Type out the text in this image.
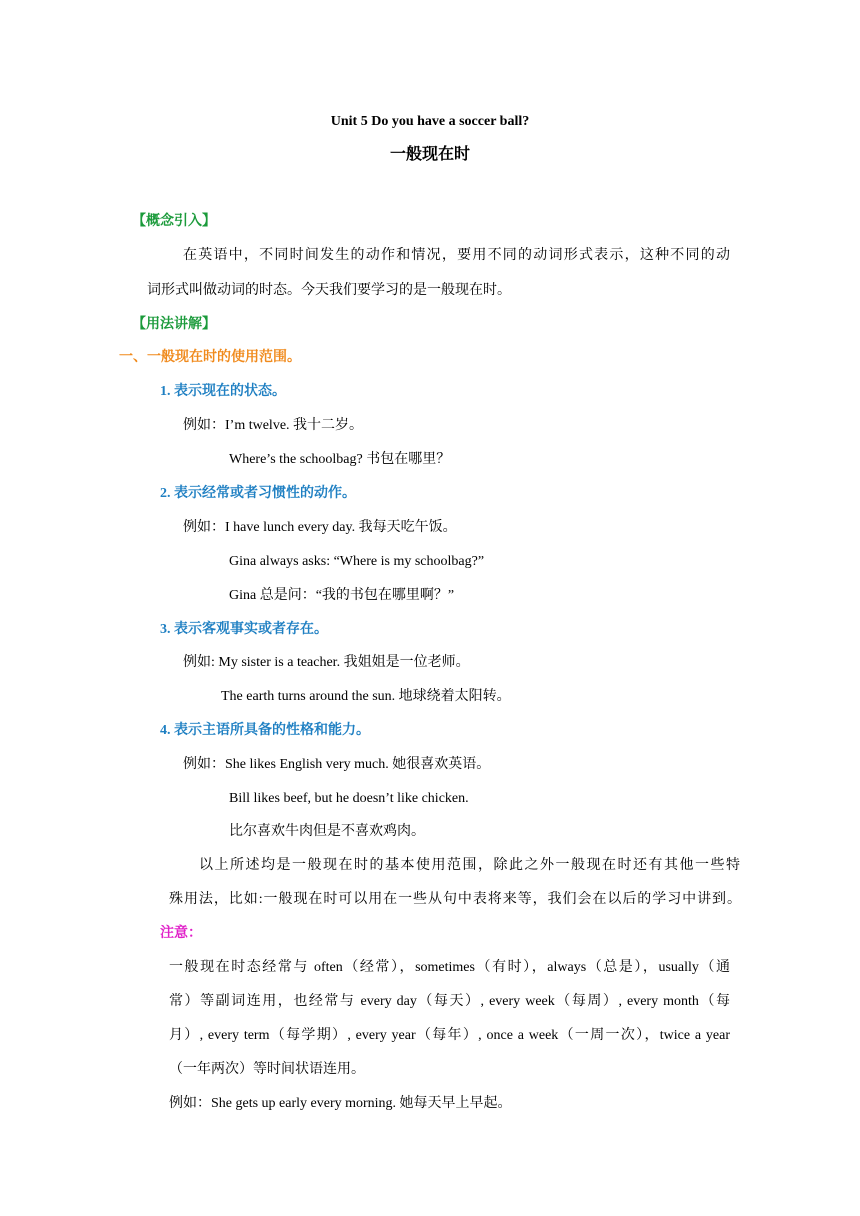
Unit 5 Do you have a soccer ball?
一般现在时
【概念引入】
在英语中，不同时间发生的动作和情况，要用不同的动词形式表示，这种不同的动
词形式叫做动词的时态。今天我们要学习的是一般现在时。
【用法讲解】
一、一般现在时的使用范围。
1. 表示现在的状态。
例如：I’m twelve. 我十二岁。
Where’s the schoolbag? 书包在哪里？
2. 表示经常或者习惯性的动作。
例如：I have lunch every day. 我每天吃午饭。
Gina always asks: “Where is my schoolbag?”
Gina 总是问：“我的书包在哪里啊？”
3. 表示客观事实或者存在。
例如: My sister is a teacher. 我姐姐是一位老师。
The earth turns around the sun. 地球绕着太阳转。
4. 表示主语所具备的性格和能力。
例如：She likes English very much. 她很喜欢英语。
Bill likes beef, but he doesn’t like chicken.
比尔喜欢牛肉但是不喜欢鸡肉。
以上所述均是一般现在时的基本使用范围，除此之外一般现在时还有其他一些特
殊用法，比如:一般现在时可以用在一些从句中表将来等，我们会在以后的学习中讲到。
注意：
一般现在时态经常与 often（经常），sometimes（有时），always（总是），usually（通
常）等副词连用，也经常与 every day（每天）, every week（每周）, every month（每
月）, every term（每学期）, every year（每年）, once a week（一周一次），twice a year
（一年两次）等时间状语连用。
例如：She gets up early every morning. 她每天早上早起。
